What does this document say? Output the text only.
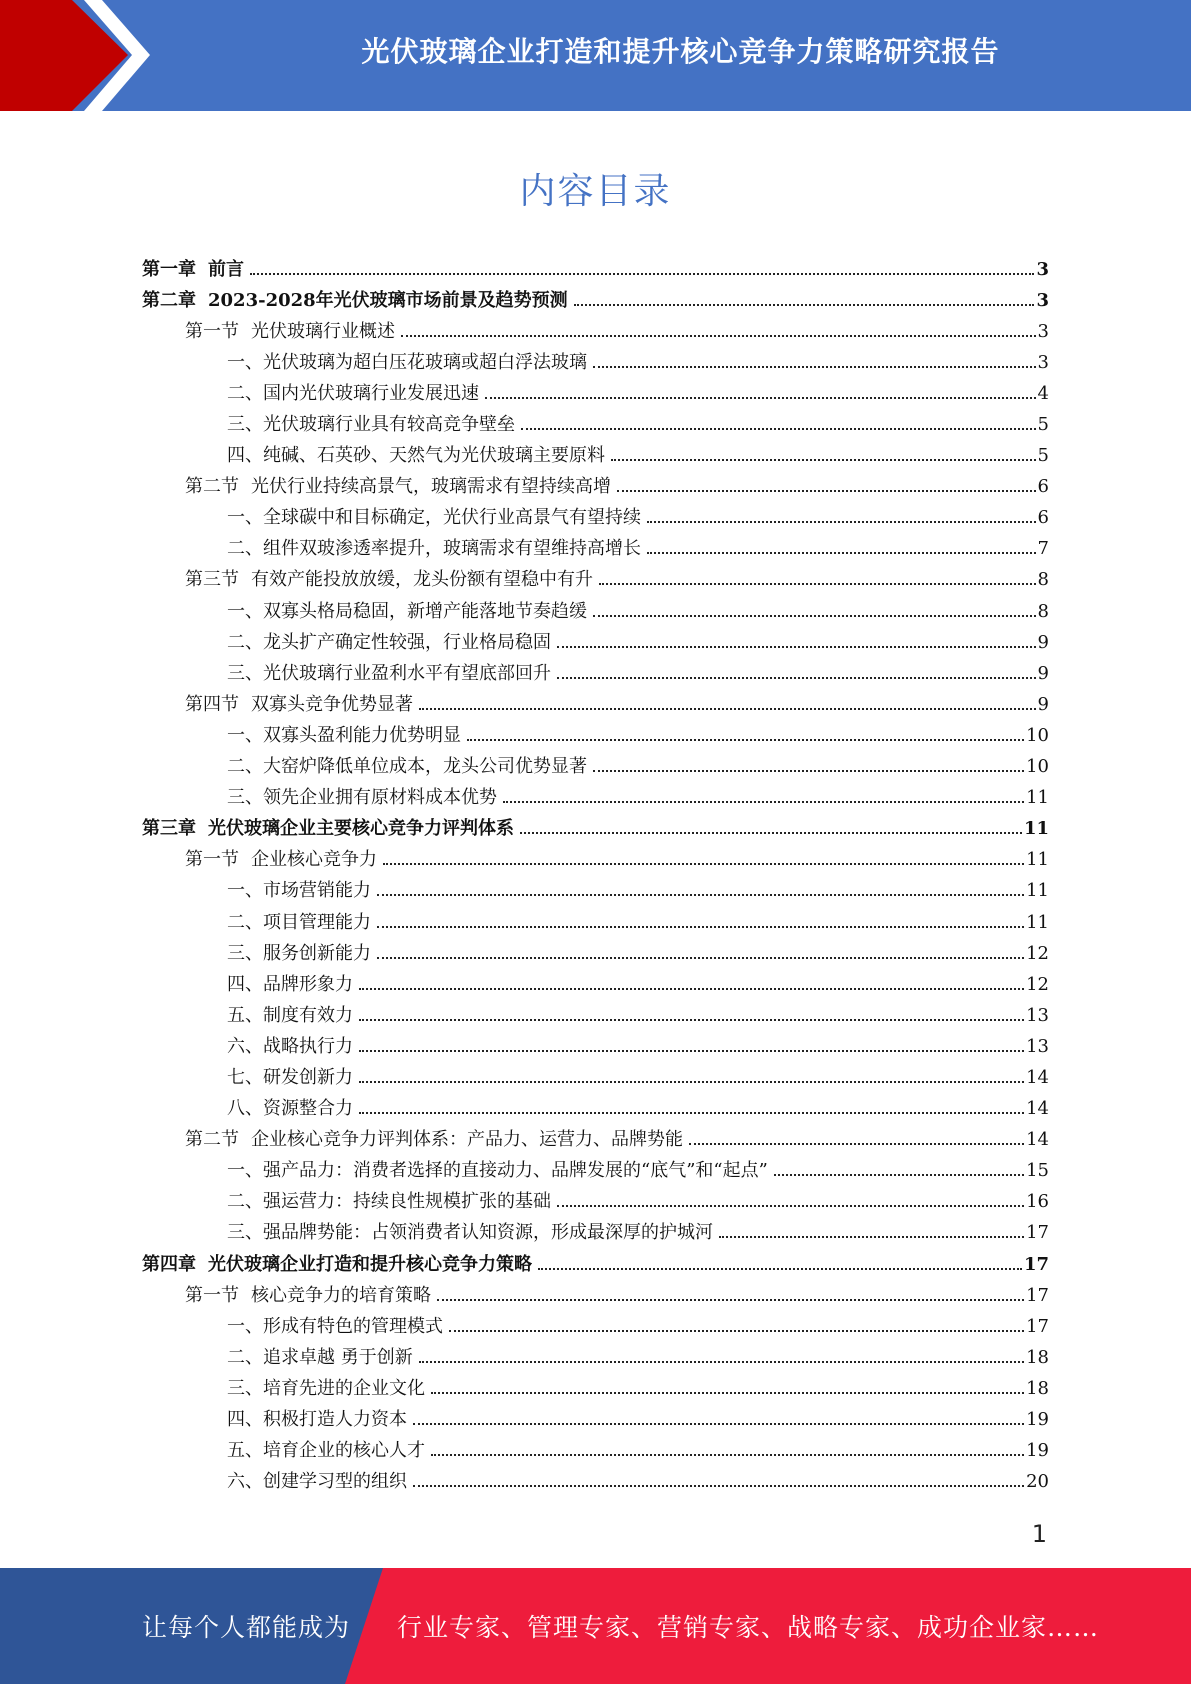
光伏玻璃企业打造和提升核心竞争力策略研究报告
内容目录
第一章 前言	3
第二章 2023-2028年光伏玻璃市场前景及趋势预测	3
第一节 光伏玻璃行业概述	3
一、光伏玻璃为超白压花玻璃或超白浮法玻璃	3
二、国内光伏玻璃行业发展迅速	4
三、光伏玻璃行业具有较高竞争壁垒	5
四、纯碱、石英砂、天然气为光伏玻璃主要原料	5
第二节 光伏行业持续高景气，玻璃需求有望持续高增	6
一、全球碳中和目标确定，光伏行业高景气有望持续	6
二、组件双玻渗透率提升，玻璃需求有望维持高增长	7
第三节 有效产能投放放缓，龙头份额有望稳中有升	8
一、双寡头格局稳固，新增产能落地节奏趋缓	8
二、龙头扩产确定性较强，行业格局稳固	9
三、光伏玻璃行业盈利水平有望底部回升	9
第四节 双寡头竞争优势显著	9
一、双寡头盈利能力优势明显	10
二、大窑炉降低单位成本，龙头公司优势显著	10
三、领先企业拥有原材料成本优势	11
第三章 光伏玻璃企业主要核心竞争力评判体系	11
第一节 企业核心竞争力	11
一、市场营销能力	11
二、项目管理能力	11
三、服务创新能力	12
四、品牌形象力	12
五、制度有效力	13
六、战略执行力	13
七、研发创新力	14
八、资源整合力	14
第二节 企业核心竞争力评判体系：产品力、运营力、品牌势能	14
一、强产品力：消费者选择的直接动力、品牌发展的“底气”和“起点”	15
二、强运营力：持续良性规模扩张的基础	16
三、强品牌势能：占领消费者认知资源，形成最深厚的护城河	17
第四章 光伏玻璃企业打造和提升核心竞争力策略	17
第一节 核心竞争力的培育策略	17
一、形成有特色的管理模式	17
二、追求卓越 勇于创新	18
三、培育先进的企业文化	18
四、积极打造人力资本	19
五、培育企业的核心人才	19
六、创建学习型的组织	20
1
让每个人都能成为 行业专家、管理专家、营销专家、战略专家、成功企业家……
